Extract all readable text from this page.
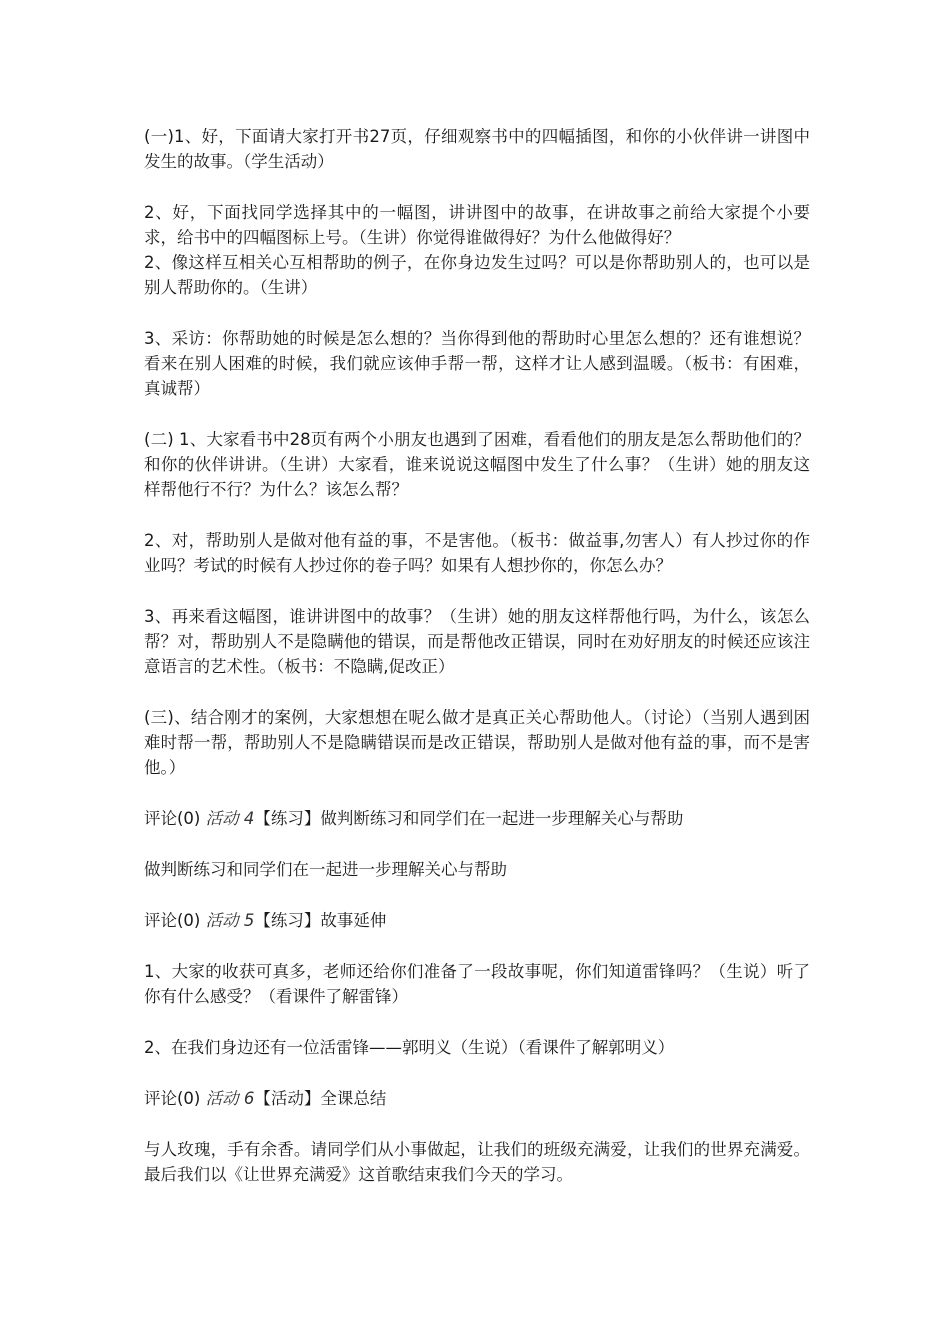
(一)1、好，下面请大家打开书27页，仔细观察书中的四幅插图，和你的小伙伴讲一讲图中发生的故事。（学生活动）

2、好，下面找同学选择其中的一幅图，讲讲图中的故事，在讲故事之前给大家提个小要求，给书中的四幅图标上号。（生讲）你觉得谁做得好？为什么他做得好？

2、像这样互相关心互相帮助的例子，在你身边发生过吗？可以是你帮助别人的，也可以是别人帮助你的。（生讲）

3、采访：你帮助她的时候是怎么想的？当你得到他的帮助时心里怎么想的？还有谁想说？看来在别人困难的时候，我们就应该伸手帮一帮，这样才让人感到温暖。（板书：有困难，真诚帮）

(二) 1、大家看书中28页有两个小朋友也遇到了困难，看看他们的朋友是怎么帮助他们的？和你的伙伴讲讲。（生讲）大家看，谁来说说这幅图中发生了什么事？（生讲）她的朋友这样帮他行不行？为什么？该怎么帮？

2、对，帮助别人是做对他有益的事，不是害他。（板书：做益事,勿害人）有人抄过你的作业吗？考试的时候有人抄过你的卷子吗？如果有人想抄你的，你怎么办？

3、再来看这幅图，谁讲讲图中的故事？（生讲）她的朋友这样帮他行吗，为什么，该怎么帮？对，帮助别人不是隐瞒他的错误，而是帮他改正错误，同时在劝好朋友的时候还应该注意语言的艺术性。（板书：不隐瞒,促改正）

(三)、结合刚才的案例，大家想想在呢么做才是真正关心帮助他人。（讨论）（当别人遇到困难时帮一帮，帮助别人不是隐瞒错误而是改正错误，帮助别人是做对他有益的事，而不是害他。）

评论(0) 活动 4【练习】做判断练习和同学们在一起进一步理解关心与帮助

做判断练习和同学们在一起进一步理解关心与帮助

评论(0) 活动 5【练习】故事延伸

1、大家的收获可真多，老师还给你们准备了一段故事呢，你们知道雷锋吗？（生说）听了你有什么感受？（看课件了解雷锋）

2、在我们身边还有一位活雷锋——郭明义（生说）（看课件了解郭明义）

评论(0) 活动 6【活动】全课总结

与人玫瑰，手有余香。请同学们从小事做起，让我们的班级充满爱，让我们的世界充满爱。最后我们以《让世界充满爱》这首歌结束我们今天的学习。
